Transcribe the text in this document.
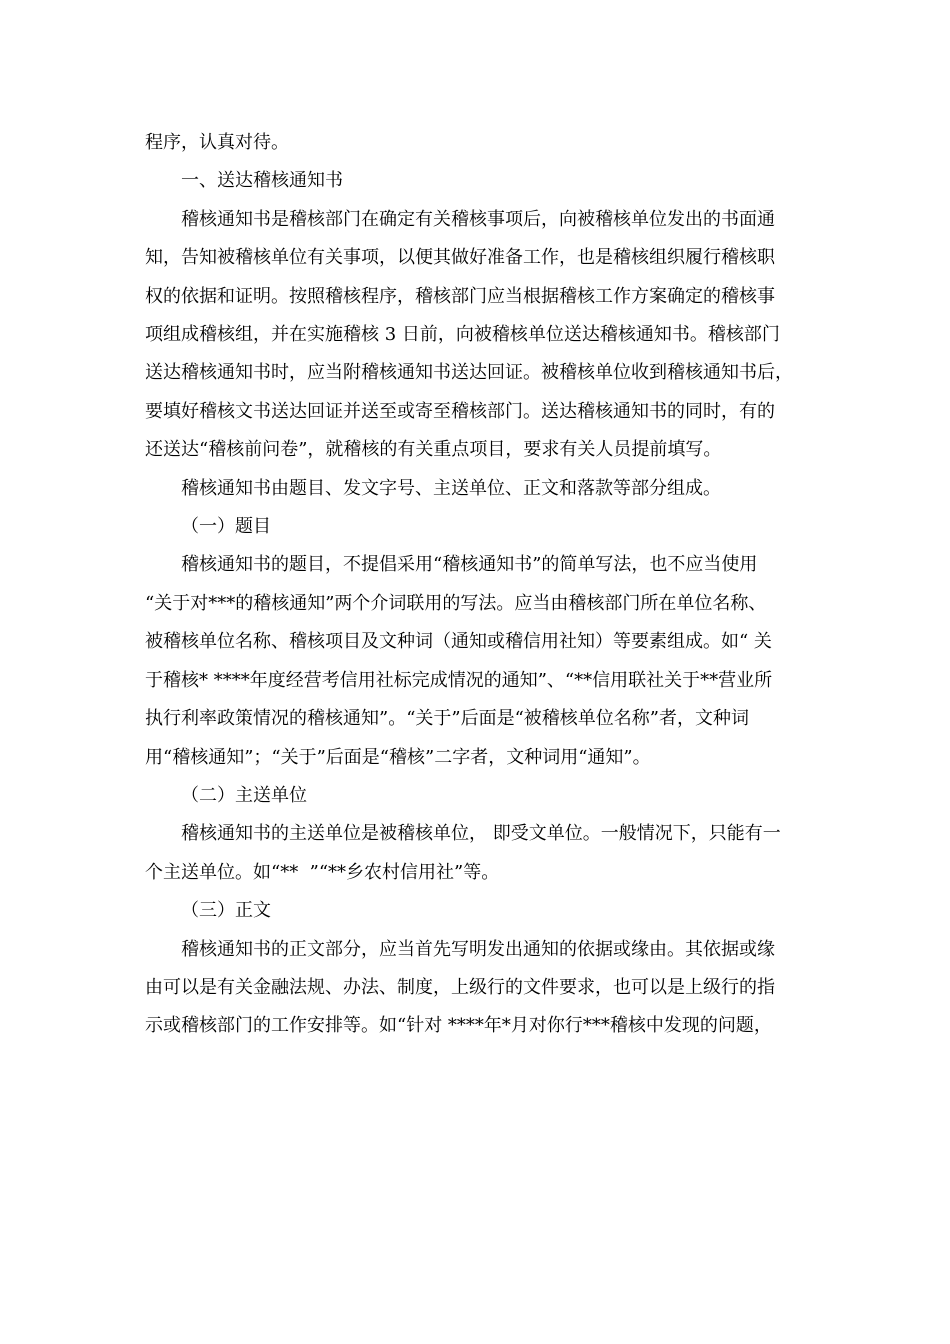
程序，认真对待。

一、送达稽核通知书

稽核通知书是稽核部门在确定有关稽核事项后，向被稽核单位发出的书面通
知，告知被稽核单位有关事项，以便其做好准备工作，也是稽核组织履行稽核职
权的依据和证明。按照稽核程序，稽核部门应当根据稽核工作方案确定的稽核事
项组成稽核组，并在实施稽核 3 日前，向被稽核单位送达稽核通知书。稽核部门
送达稽核通知书时，应当附稽核通知书送达回证。被稽核单位收到稽核通知书后，
要填好稽核文书送达回证并送至或寄至稽核部门。送达稽核通知书的同时，有的
还送达“稽核前问卷”，就稽核的有关重点项目，要求有关人员提前填写。

稽核通知书由题目、发文字号、主送单位、正文和落款等部分组成。

（一）题目

稽核通知书的题目，不提倡采用“稽核通知书”的简单写法，也不应当使用
“关于对***的稽核通知”两个介词联用的写法。应当由稽核部门所在单位名称、
被稽核单位名称、稽核项目及文种词（通知或稽信用社知）等要素组成。如“ 关
于稽核* ****年度经营考信用社标完成情况的通知”、“**信用联社关于**营业所
执行利率政策情况的稽核通知”。“关于”后面是“被稽核单位名称”者，文种词
用“稽核通知”；“关于”后面是“稽核”二字者，文种词用“通知”。

（二）主送单位

稽核通知书的主送单位是被稽核单位， 即受文单位。一般情况下，只能有一
个主送单位。如“**  ”“**乡农村信用社”等。

（三）正文

稽核通知书的正文部分，应当首先写明发出通知的依据或缘由。其依据或缘
由可以是有关金融法规、办法、制度，上级行的文件要求，也可以是上级行的指
示或稽核部门的工作安排等。如“针对 ****年*月对你行***稽核中发现的问题，
